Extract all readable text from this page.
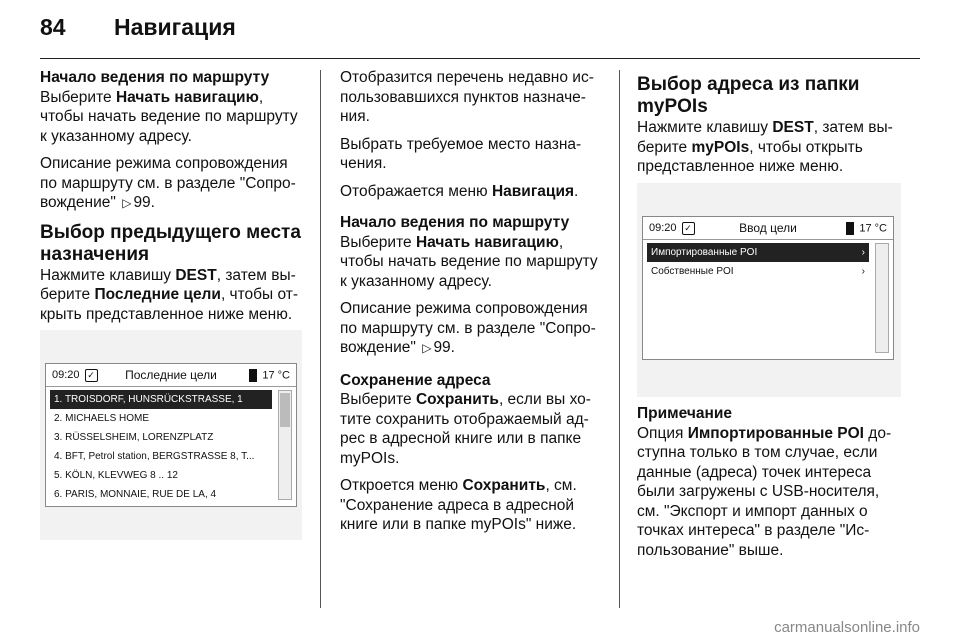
84 Навигация
Начало ведения по маршруту

Выберите Начать навигацию, чтобы начать ведение по маршруту к указанному адресу.

Описание режима сопровождения по маршруту см. в разделе "Сопро- вождение" ▷ 99.

Выбор предыдущего места назначения

Нажмите клавишу DEST, затем вы- берите Последние цели, чтобы от- крыть представленное ниже меню.

09:20 ✓	Последние цели	17 °C
1. TROISDORF, HUNSRÜCKSTRASSE, 1
2. MICHAELS HOME
3. RÜSSELSHEIM, LORENZPLATZ
4. BFT, Petrol station, BERGSTRASSE 8, T...
5. KÖLN, KLEVWEG 8 .. 12
6. PARIS, MONNAIE, RUE DE LA, 4

Отобразится перечень недавно ис- пользовавшихся пунктов назначе- ния.

Выбрать требуемое место назна- чения.

Отображается меню Навигация.

Начало ведения по маршруту

Выберите Начать навигацию, чтобы начать ведение по маршруту к указанному адресу.

Описание режима сопровождения по маршруту см. в разделе "Сопро- вождение" ▷ 99.

Сохранение адреса

Выберите Сохранить, если вы хо- тите сохранить отображаемый ад- рес в адресной книге или в папке myPOIs.

Откроется меню Сохранить, см. "Сохранение адреса в адресной книге или в папке myPOIs" ниже.

Выбор адреса из папки myPOIs

Нажмите клавишу DEST, затем вы- берите myPOIs, чтобы открыть представленное ниже меню.

09:20 ✓	Ввод цели	17 °C
Импортированные POI	›
Собственные POI	›

Примечание

Опция Импортированные POI до- ступна только в том случае, если данные (адреса) точек интереса были загружены с USB-носителя, см. "Экспорт и импорт данных о точках интереса" в разделе "Ис- пользование" выше.

carmanualsonline.info
